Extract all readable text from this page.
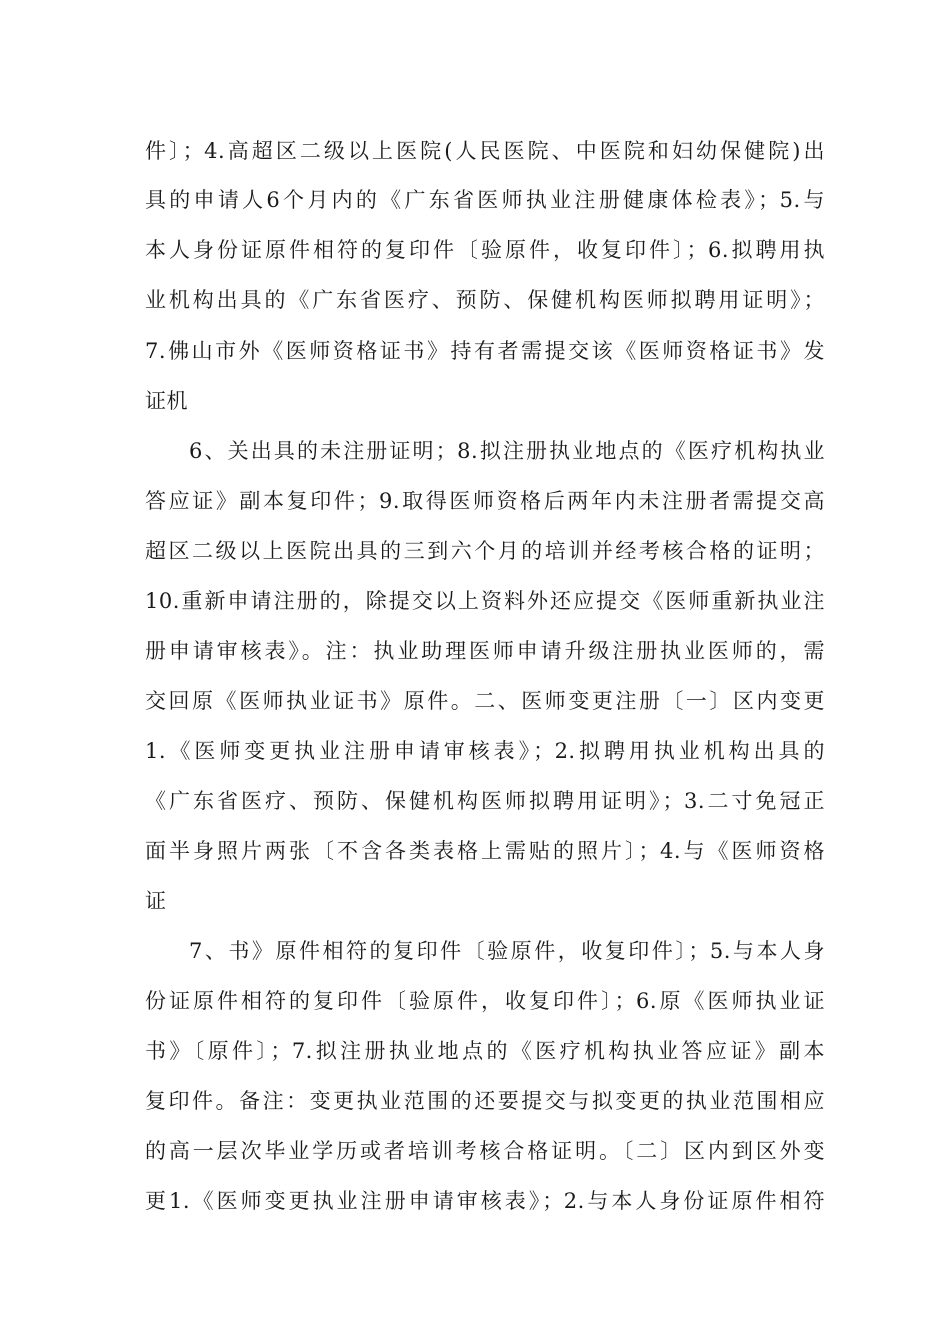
件〕；4.高超区二级以上医院(人民医院、中医院和妇幼保健院)出
具的申请人6个月内的《广东省医师执业注册健康体检表》；5.与
本人身份证原件相符的复印件〔验原件，收复印件〕；6.拟聘用执
业机构出具的《广东省医疗、预防、保健机构医师拟聘用证明》；
7.佛山市外《医师资格证书》持有者需提交该《医师资格证书》发
证机
6、关出具的未注册证明；8.拟注册执业地点的《医疗机构执业
答应证》副本复印件；9.取得医师资格后两年内未注册者需提交高
超区二级以上医院出具的三到六个月的培训并经考核合格的证明；
10.重新申请注册的，除提交以上资料外还应提交《医师重新执业注
册申请审核表》。注：执业助理医师申请升级注册执业医师的，需
交回原《医师执业证书》原件。二、医师变更注册〔一〕区内变更
1.《医师变更执业注册申请审核表》；2.拟聘用执业机构出具的
《广东省医疗、预防、保健机构医师拟聘用证明》；3.二寸免冠正
面半身照片两张〔不含各类表格上需贴的照片〕；4.与《医师资格
证
7、书》原件相符的复印件〔验原件，收复印件〕；5.与本人身
份证原件相符的复印件〔验原件，收复印件〕；6.原《医师执业证
书》〔原件〕；7.拟注册执业地点的《医疗机构执业答应证》副本
复印件。备注：变更执业范围的还要提交与拟变更的执业范围相应
的高一层次毕业学历或者培训考核合格证明。〔二〕区内到区外变
更1.《医师变更执业注册申请审核表》；2.与本人身份证原件相符
